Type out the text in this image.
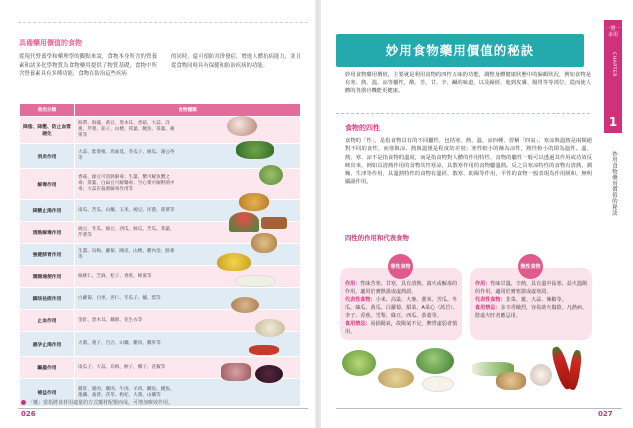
具備藥用價值的食物
從現代營養學和藥理學的觀點來說，食物本身所含的營養素和諸多化學物質為食物藥用提供了物質基礎，食物中所含營養素具有多種功能，食物在防治這些疾病
的同時，還可預防其併發症，增進人體抗病能力，並且從食物同時具有保健和防治疾病的功能。
效用分類	食物種類
降脂、降壓、防止血管硬化	海帶、海藻、黃豆、黑木耳、香菇、大蒜、洋蔥、芹菜、茄子、山楂、荷葉、鯉魚、茶葉、蘋果等

消炎作用	大蒜、紫菜根、馬齒莧、冬瓜子、絲瓜、蒲公英等

解毒作用	香菇、綠豆可清熱解毒；生薑、蟹可解魚蟹之毒；茶葉、白扁豆可解藥毒；空心菜可解野菌中毒；大蒜有殺菌解毒作用等

降糖止渴作用	南瓜、苦瓜、山藥、玉米、豌豆、洋蔥、菠菜等

清熱解毒作用	豌豆、冬瓜、綠豆、西瓜、絲瓜、苦瓜、茶葉、芹菜等

強健肺胃作用	生薑、烏梅、蘿蔔、陳皮、山楂、雞內金、鮮麥等

潤腸通便作用	核桃仁、芝麻、松子、香蕉、蜂蜜等

鎮咳祛痰作用	白蘿蔔、白果、杏仁、冬瓜子、橘、梨等

止血作用	金針、黑木耳、藕節、花生衣等

避孕止渴作用	大棗、蓮子、百合、山藥、雞肉、雞肝等

驅蟲作用	南瓜子、大蒜、烏梅、榧子、椰子、花椒等

補益作用	豬肝、豬肉、雞肉、牛肉、羊肉、鯽魚、鯉魚、蓮藕、桑葚、茯苓、枸杞、大棗、山藥等
「藥」當指將食材用適量的方式藥材配製而成，可增加療效作用。
026
妙用食物藥用價值的秘訣
一帶一多用
CHAPTER
1
妙用食物藥用價值的秘訣
妙用食物藥用價值，主要就是利用食物的四性五味的功能，調整身體健康狀態中的偏頗狀況，例如食物是有寒、熱、溫、涼等屬性，酸、苦、甘、辛、鹹的味道，以及歸經、進到皮膚、腸胃等等部位，從而使人體的各器官機能更健康。
食物的四性
食物的「性」，是指食物具有的不同屬性，包括寒、熱、溫、涼四種，習稱「四氣」，寒涼與溫熱是兩類絕對不同的食性，而寒與涼、熱與溫僅是程度的差別；寒性較小的稱為涼性，熱性較小的即為溫性。溫、熱、寒、涼不是指食物的溫度，而是指食物對人體的作用特性，食物的屬性一般可以透過其作用或功效反映出來，例如具清熱作用的食物其性寒涼，具散寒作用的食物屬溫熱。反之具寒涼特性的食物有清熱、潤燥、生津等作用，具溫熱特性的食物有溫經、散寒、助陽等作用，平性的食物一般表現為作用緩和，無明顯副作用。
四性的作用和代表食物
寒性食物
作用：性味苦寒、甘寒，具有清熱、瀉火或解毒的作用，適用於實熱證或虛熱證。
代表性食物：小米、高粱、大麥、薏米、苦瓜、冬瓜、絲瓜、黃瓜、白蘿蔔、甜菜、A菜心（萵苣）、李子、香蕉、雪梨、綠豆、西瓜、茶葉等。
食用禁忌：易損陽氣，故陽氣不足，脾胃虛弱者慎用。
熱性食物
作用：性味甘溫、辛熱，具有溫中祛寒、益火溫陽的作用，適用於實寒證或虛寒證。
代表性食物：韭菜、薑、大蒜、辣椒等。
食用禁忌：多辛香燥烈，容易助火傷陰，凡熱病、陰虛火旺者應忌用。
027
